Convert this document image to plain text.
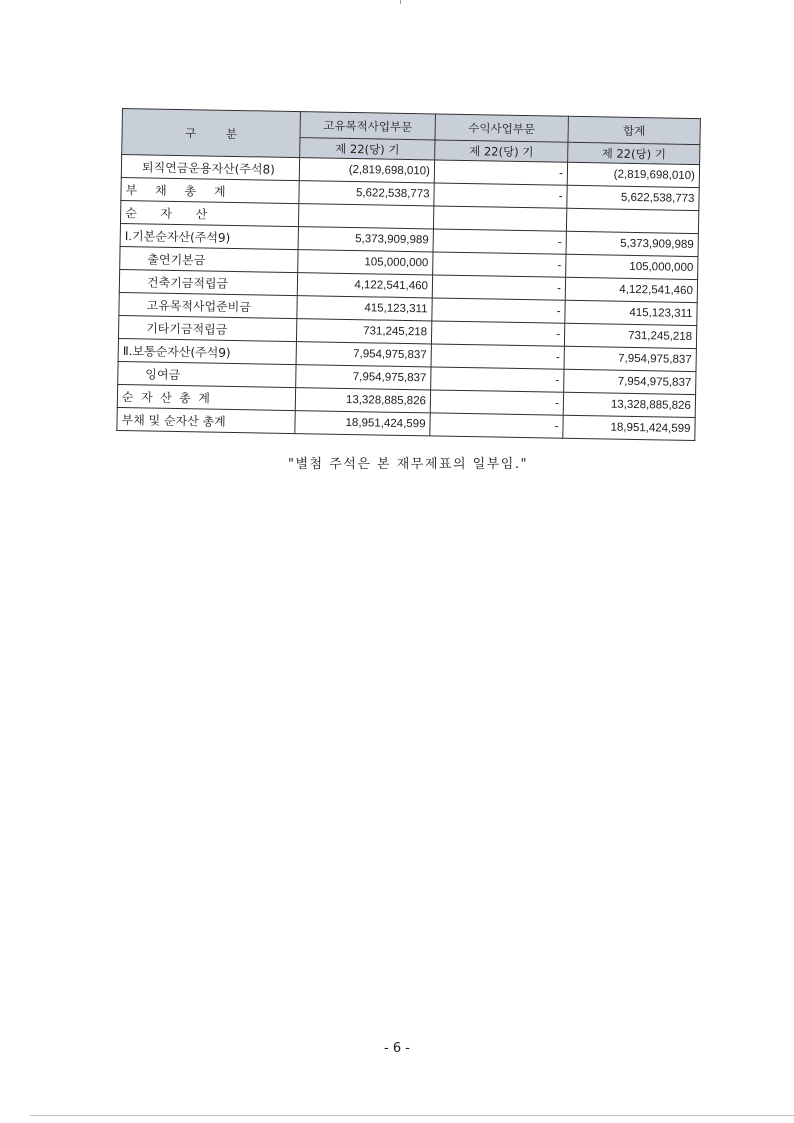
구 분	고유목적사업부문	수익사업부문	합계
	제 22(당) 기	제 22(당) 기	제 22(당) 기
퇴직연금운용자산(주석8)	(2,819,698,010)	-	(2,819,698,010)
부 채 총 계	5,622,538,773	-	5,622,538,773
순 자 산			
Ⅰ.기본순자산(주석9)	5,373,909,989	-	5,373,909,989
출연기본금	105,000,000	-	105,000,000
건축기금적립금	4,122,541,460	-	4,122,541,460
고유목적사업준비금	415,123,311	-	415,123,311
기타기금적립금	731,245,218	-	731,245,218
Ⅱ.보통순자산(주석9)	7,954,975,837	-	7,954,975,837
잉여금	7,954,975,837	-	7,954,975,837
순 자 산 총 계	13,328,885,826	-	13,328,885,826
부채 및 순자산 총계	18,951,424,599	-	18,951,424,599

"별첨 주석은 본 재무제표의 일부임."

- 6 -
